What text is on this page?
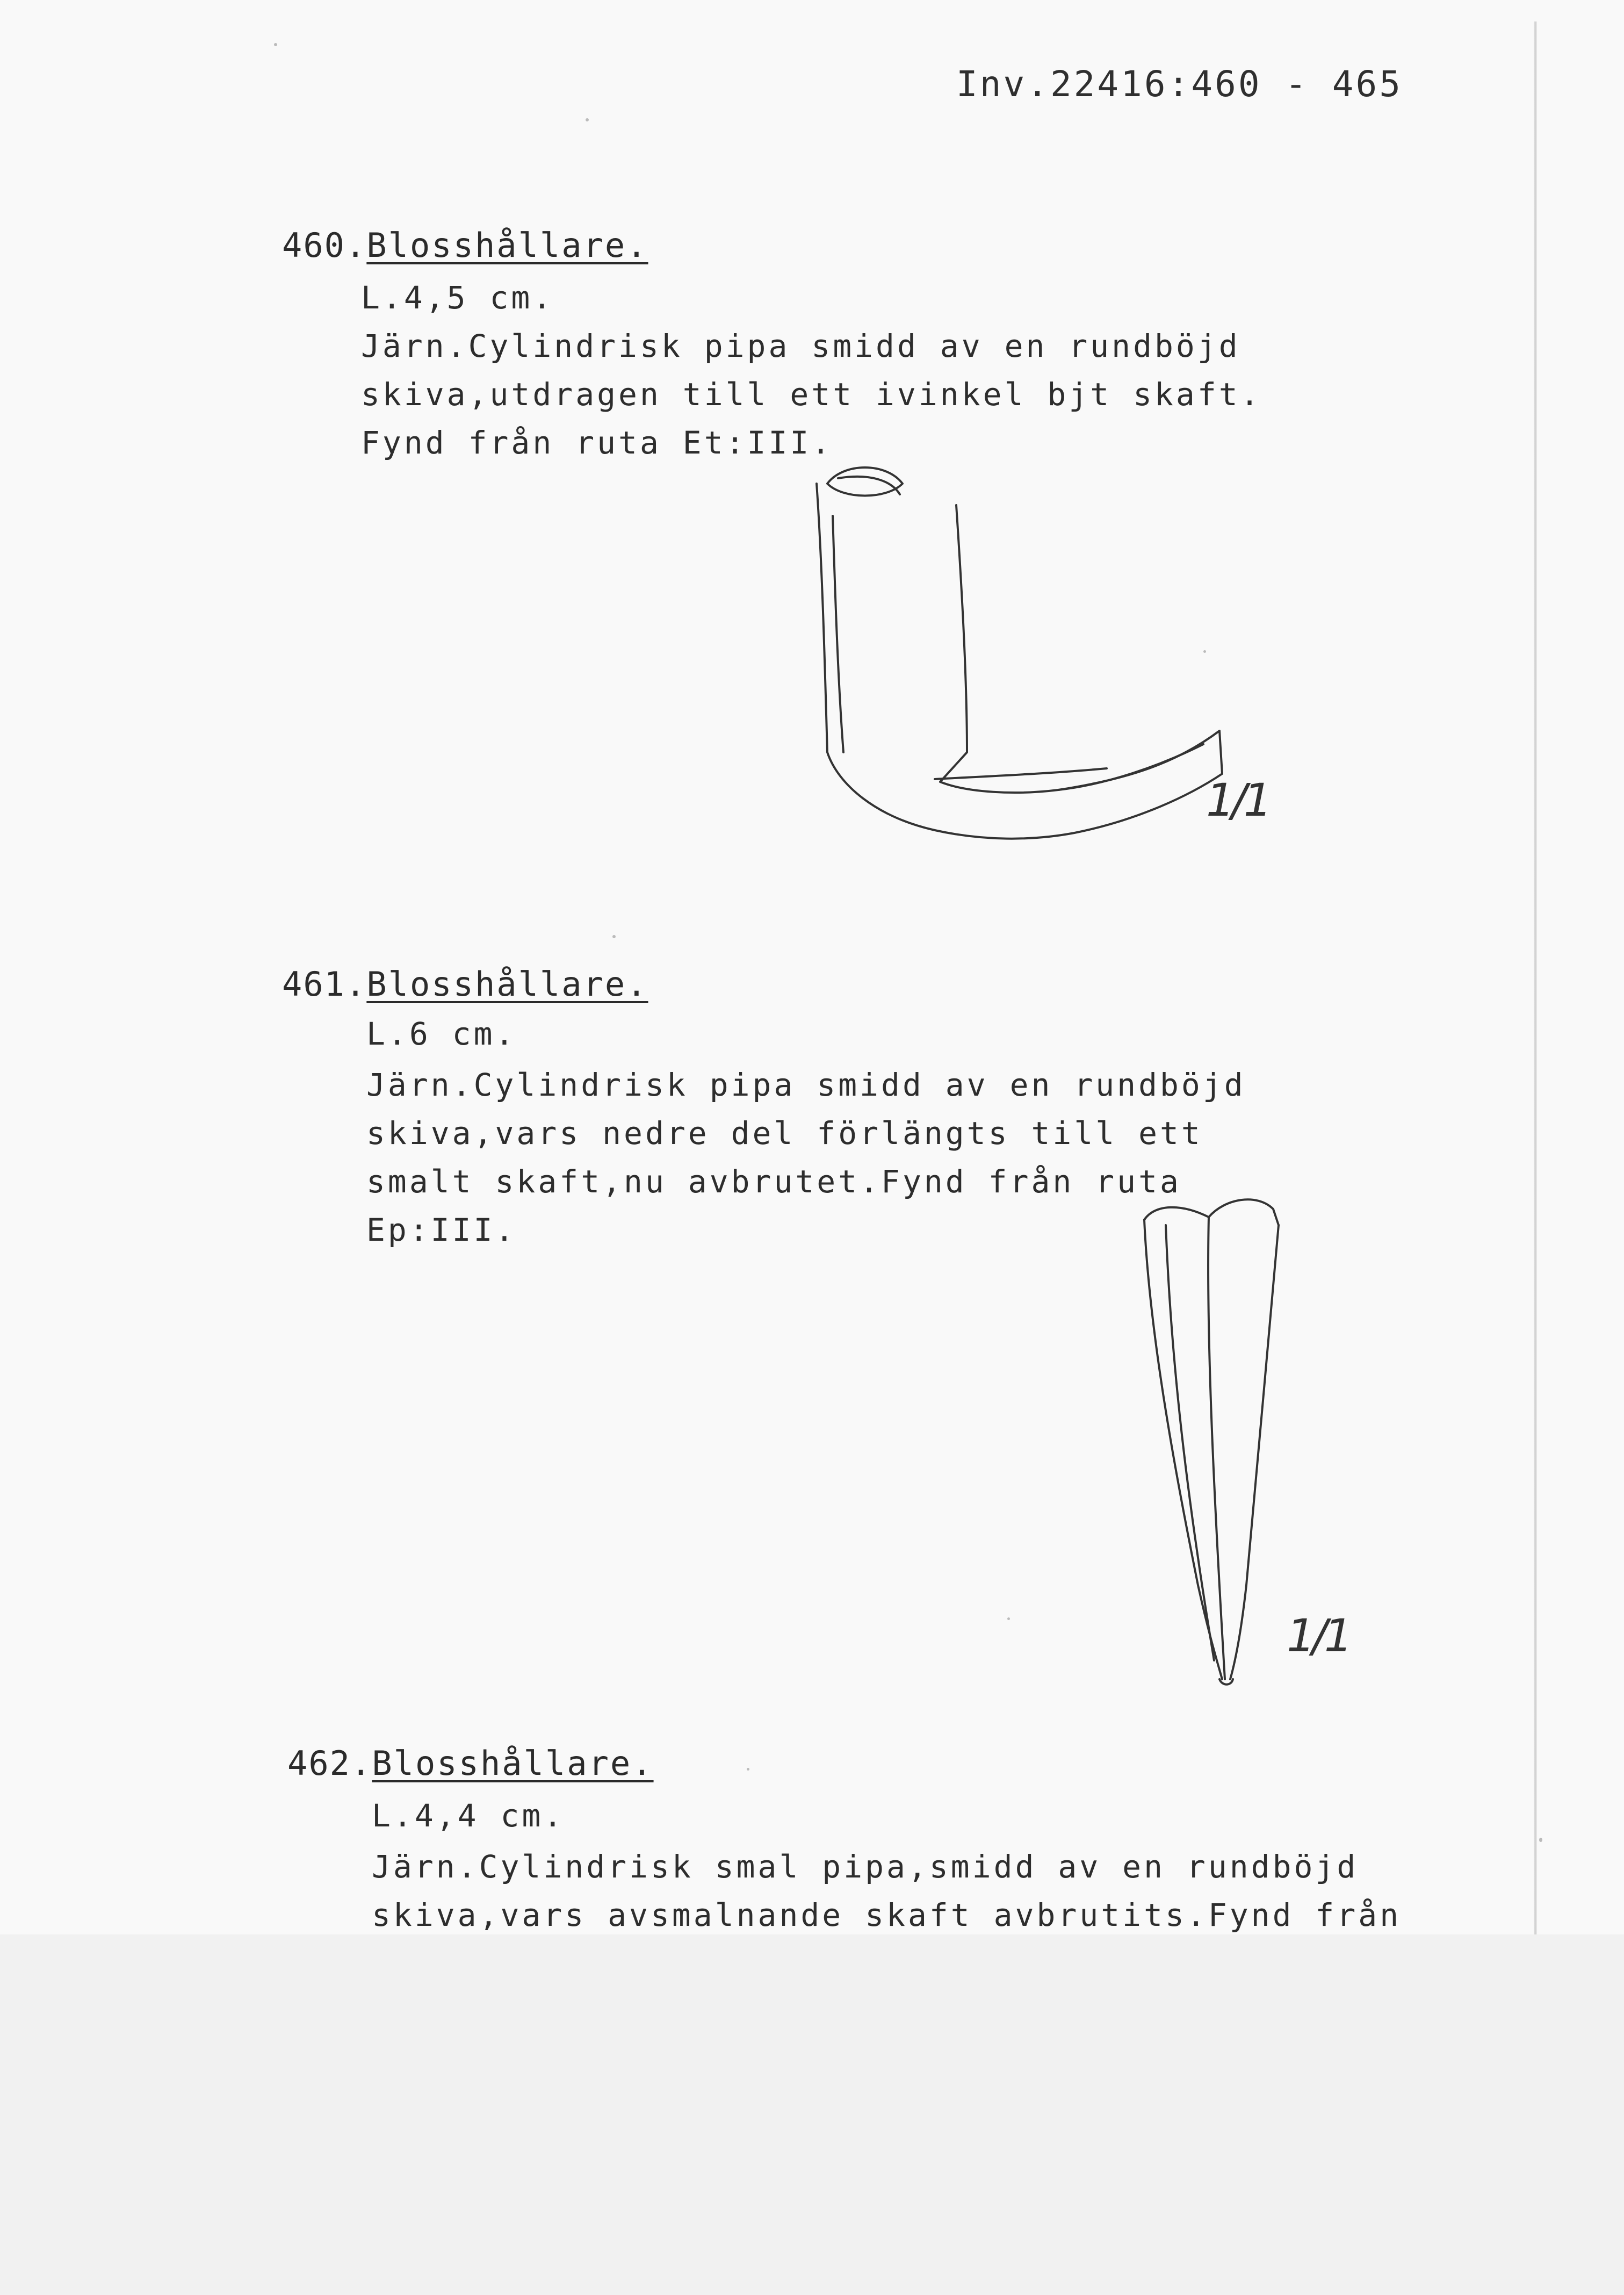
Inv.22416:460 - 465
460.Blosshållare.
L.4,5 cm.
Järn.Cylindrisk pipa smidd av en rundböjd
skiva,utdragen till ett ivinkel bjt skaft.
Fynd från ruta Et:III.
1/1
461.Blosshållare.
L.6 cm.
Järn.Cylindrisk pipa smidd av en rundböjd
skiva,vars nedre del förlängts till ett
smalt skaft,nu avbrutet.Fynd från ruta
Ep:III.
1/1
462.Blosshållare.
L.4,4 cm.
Järn.Cylindrisk smal pipa,smidd av en rundböjd
skiva,vars avsmalnande skaft avbrutits.Fynd från
